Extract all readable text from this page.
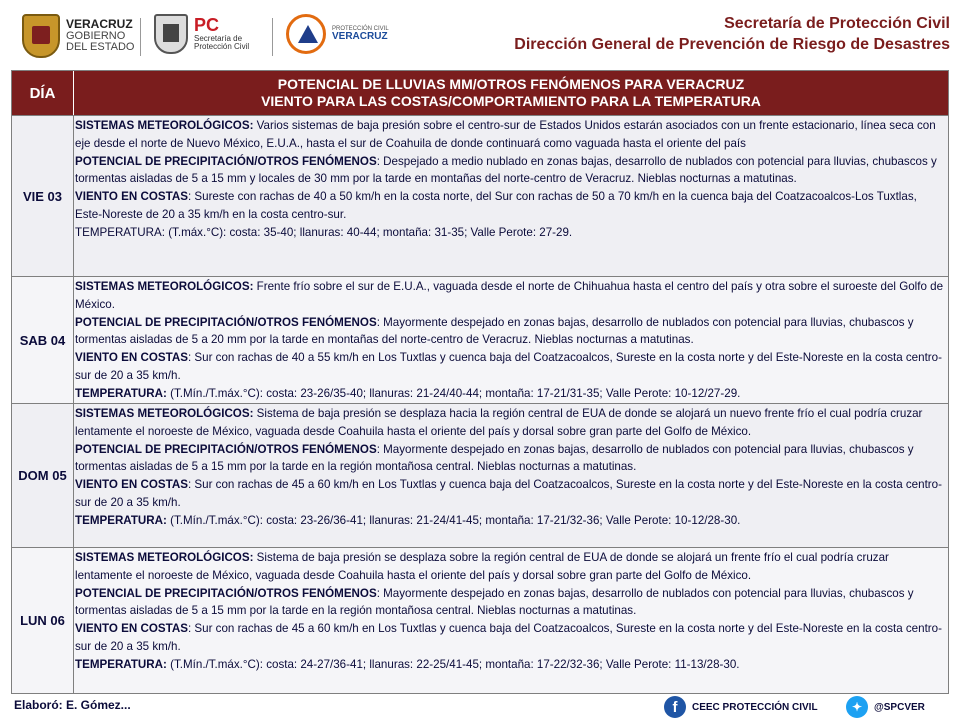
VERACRUZ
GOBIERNO
DEL ESTADO
PC
Secretaría de
Protección Civil
PROTECCIÓN CIVIL
VERACRUZ
Secretaría de Protección Civil
Dirección General de Prevención de Riesgo de Desastres
DÍA
POTENCIAL DE LLUVIAS MM/OTROS FENÓMENOS PARA VERACRUZ
VIENTO PARA LAS COSTAS/COMPORTAMIENTO PARA LA TEMPERATURA
VIE 03
SISTEMAS METEOROLÓGICOS: Varios sistemas de baja presión sobre el centro-sur de Estados Unidos estarán asociados con un frente estacionario, línea seca con eje desde el norte de Nuevo México, E.U.A., hasta el sur de Coahuila de donde continuará como vaguada hasta el oriente del país
POTENCIAL DE PRECIPITACIÓN/OTROS FENÓMENOS: Despejado a medio nublado en zonas bajas, desarrollo de nublados con potencial para lluvias, chubascos y tormentas aisladas de 5 a 15 mm y locales de 30 mm por la tarde en montañas del norte-centro de Veracruz. Nieblas nocturnas a matutinas.
VIENTO EN COSTAS: Sureste con rachas de 40 a 50 km/h en la costa norte, del Sur con rachas de 50 a 70 km/h en la cuenca baja del Coatzacoalcos-Los Tuxtlas, Este-Noreste de 20 a 35 km/h en la costa centro-sur.
TEMPERATURA: (T.máx.°C): costa: 35-40; llanuras: 40-44; montaña: 31-35; Valle Perote: 27-29.
SAB 04
SISTEMAS METEOROLÓGICOS: Frente frío sobre el sur de E.U.A., vaguada desde el norte de Chihuahua hasta el centro del país y otra sobre el suroeste del Golfo de México.
POTENCIAL DE PRECIPITACIÓN/OTROS FENÓMENOS: Mayormente despejado en zonas bajas, desarrollo de nublados con potencial para lluvias, chubascos y tormentas aisladas de 5 a 20 mm por la tarde en montañas del norte-centro de Veracruz. Nieblas nocturnas a matutinas.
VIENTO EN COSTAS: Sur con rachas de 40 a 55 km/h en Los Tuxtlas y cuenca baja del Coatzacoalcos, Sureste en la costa norte y del Este-Noreste en la costa centro-sur de 20 a 35 km/h.
TEMPERATURA: (T.Mín./T.máx.°C): costa: 23-26/35-40; llanuras: 21-24/40-44; montaña: 17-21/31-35; Valle Perote: 10-12/27-29.
DOM 05
SISTEMAS METEOROLÓGICOS: Sistema de baja presión se desplaza hacia la región central de EUA de donde se alojará un nuevo frente frío el cual podría cruzar lentamente el noroeste de México, vaguada desde Coahuila hasta el oriente del país y dorsal sobre gran parte del Golfo de México.
POTENCIAL DE PRECIPITACIÓN/OTROS FENÓMENOS: Mayormente despejado en zonas bajas, desarrollo de nublados con potencial para lluvias, chubascos y tormentas aisladas de 5 a 15 mm por la tarde en la región montañosa central. Nieblas nocturnas a matutinas.
VIENTO EN COSTAS: Sur con rachas de 45 a 60 km/h en Los Tuxtlas y cuenca baja del Coatzacoalcos, Sureste en la costa norte y del Este-Noreste en la costa centro-sur de 20 a 35 km/h.
TEMPERATURA: (T.Mín./T.máx.°C): costa: 23-26/36-41; llanuras: 21-24/41-45; montaña: 17-21/32-36; Valle Perote: 10-12/28-30.
LUN 06
SISTEMAS METEOROLÓGICOS: Sistema de baja presión se desplaza sobre la región central de EUA de donde se alojará un frente frío el cual podría cruzar lentamente el noroeste de México, vaguada desde Coahuila hasta el oriente del país y dorsal sobre gran parte del Golfo de México.
POTENCIAL DE PRECIPITACIÓN/OTROS FENÓMENOS: Mayormente despejado en zonas bajas, desarrollo de nublados con potencial para lluvias, chubascos y tormentas aisladas de 5 a 15 mm por la tarde en la región montañosa central. Nieblas nocturnas a matutinas.
VIENTO EN COSTAS: Sur con rachas de 45 a 60 km/h en Los Tuxtlas y cuenca baja del Coatzacoalcos, Sureste en la costa norte y del Este-Noreste en la costa centro-sur de 20 a 35 km/h.
TEMPERATURA: (T.Mín./T.máx.°C): costa: 24-27/36-41; llanuras: 22-25/41-45; montaña: 17-22/32-36; Valle Perote: 11-13/28-30.
Elaboró: E. Gómez...	f	CEEC PROTECCIÓN CIVIL	✦	@SPCVER
